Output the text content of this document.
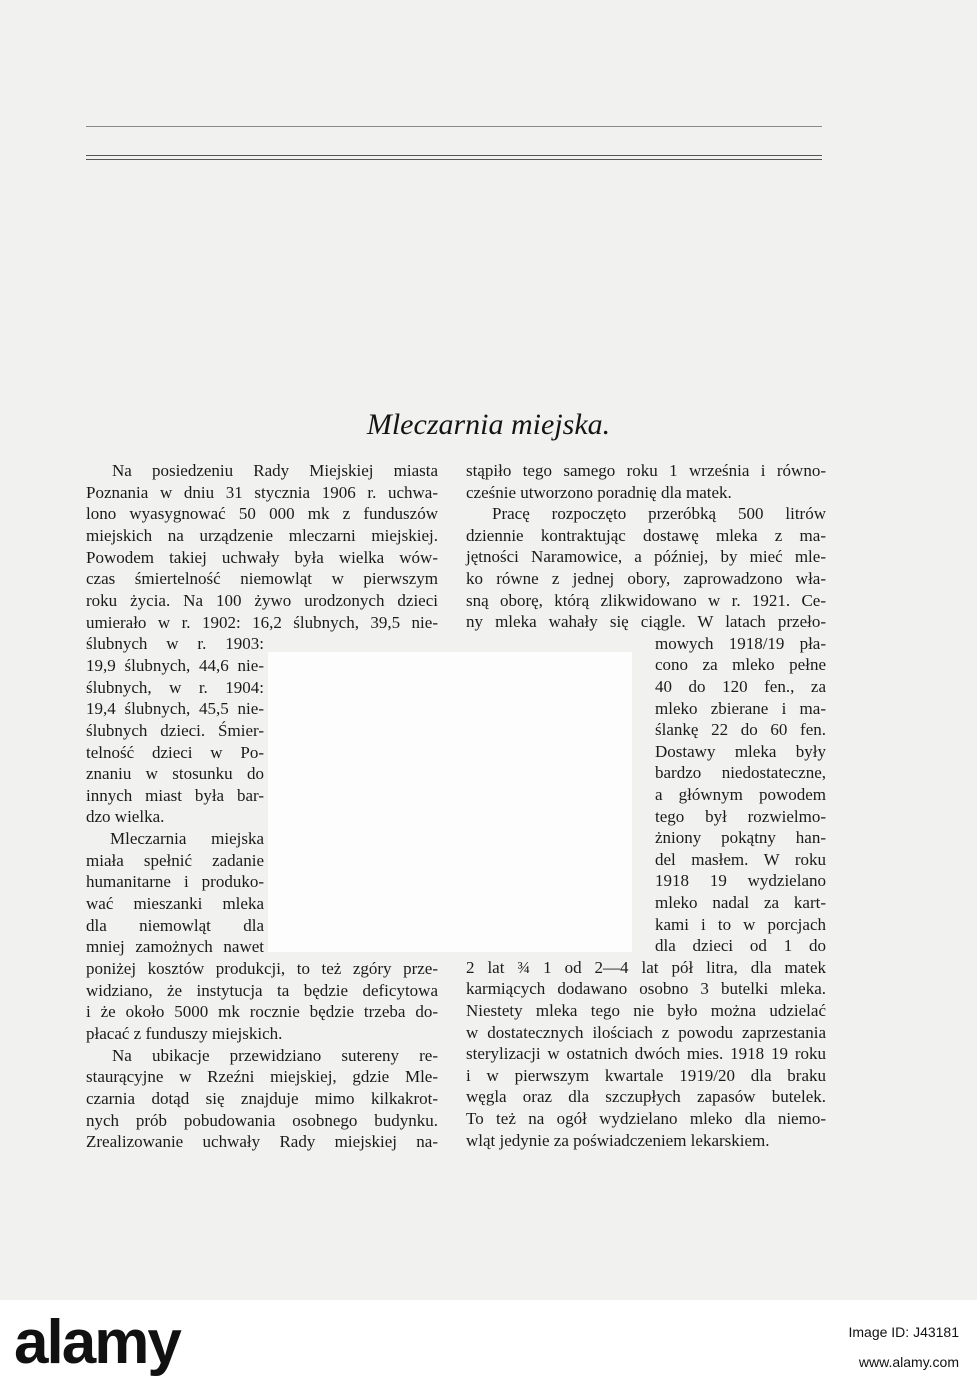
Mleczarnia miejska.
Na posiedzeniu Rady Miejskiej miasta
Poznania w dniu 31 stycznia 1906 r. uchwa-
lono wyasygnować 50 000 mk z funduszów
miejskich na urządzenie mleczarni miejskiej.
Powodem takiej uchwały była wielka wów-
czas śmiertelność niemowląt w pierwszym
roku życia. Na 100 żywo urodzonych dzieci
umierało w r. 1902: 16,2 ślubnych, 39,5 nie-
ślubnych w r. 1903:
19,9 ślubnych, 44,6 nie-
ślubnych, w r. 1904:
19,4 ślubnych, 45,5 nie-
ślubnych dzieci. Śmier-
telność dzieci w Po-
znaniu w stosunku do
innych miast była bar-
dzo wielka.
Mleczarnia miejska
miała spełnić zadanie
humanitarne i produko-
wać mieszanki mleka
dla niemowląt dla
mniej zamożnych nawet
poniżej kosztów produkcji, to też zgóry prze-
widziano, że instytucja ta będzie deficytowa
i że około 5000 mk rocznie będzie trzeba do-
płacać z funduszy miejskich.
Na ubikacje przewidziano sutereny re-
staurącyjne w Rzeźni miejskiej, gdzie Mle-
czarnia dotąd się znajduje mimo kilkakrot-
nych prób pobudowania osobnego budynku.
Zrealizowanie uchwały Rady miejskiej na-
stąpiło tego samego roku 1 września i równo-
cześnie utworzono poradnię dla matek.
Pracę rozpoczęto przeróbką 500 litrów
dziennie kontraktując dostawę mleka z ma-
jętności Naramowice, a później, by mieć mle-
ko równe z jednej obory, zaprowadzono wła-
sną oborę, którą zlikwidowano w r. 1921. Ce-
ny mleka wahały się ciągle. W latach przeło-
mowych 1918/19 pła-
cono za mleko pełne
40 do 120 fen., za
mleko zbierane i ma-
ślankę 22 do 60 fen.
Dostawy mleka były
bardzo niedostateczne,
a głównym powodem
tego był rozwielmo-
żniony pokątny han-
del masłem. W roku
1918 19 wydzielano
mleko nadal za kart-
kami i to w porcjach
dla dzieci od 1 do
2 lat ¾ 1 od 2—4 lat pół litra, dla matek
karmiących dodawano osobno 3 butelki mleka.
Niestety mleka tego nie było można udzielać
w dostatecznych ilościach z powodu zaprzestania
sterylizacji w ostatnich dwóch mies. 1918 19 roku
i w pierwszym kwartale 1919/20 dla braku
węgla oraz dla szczupłych zapasów butelek.
To też na ogół wydzielano mleko dla niemo-
wląt jedynie za poświadczeniem lekarskiem.
alamy	Image ID: J43181
www.alamy.com
